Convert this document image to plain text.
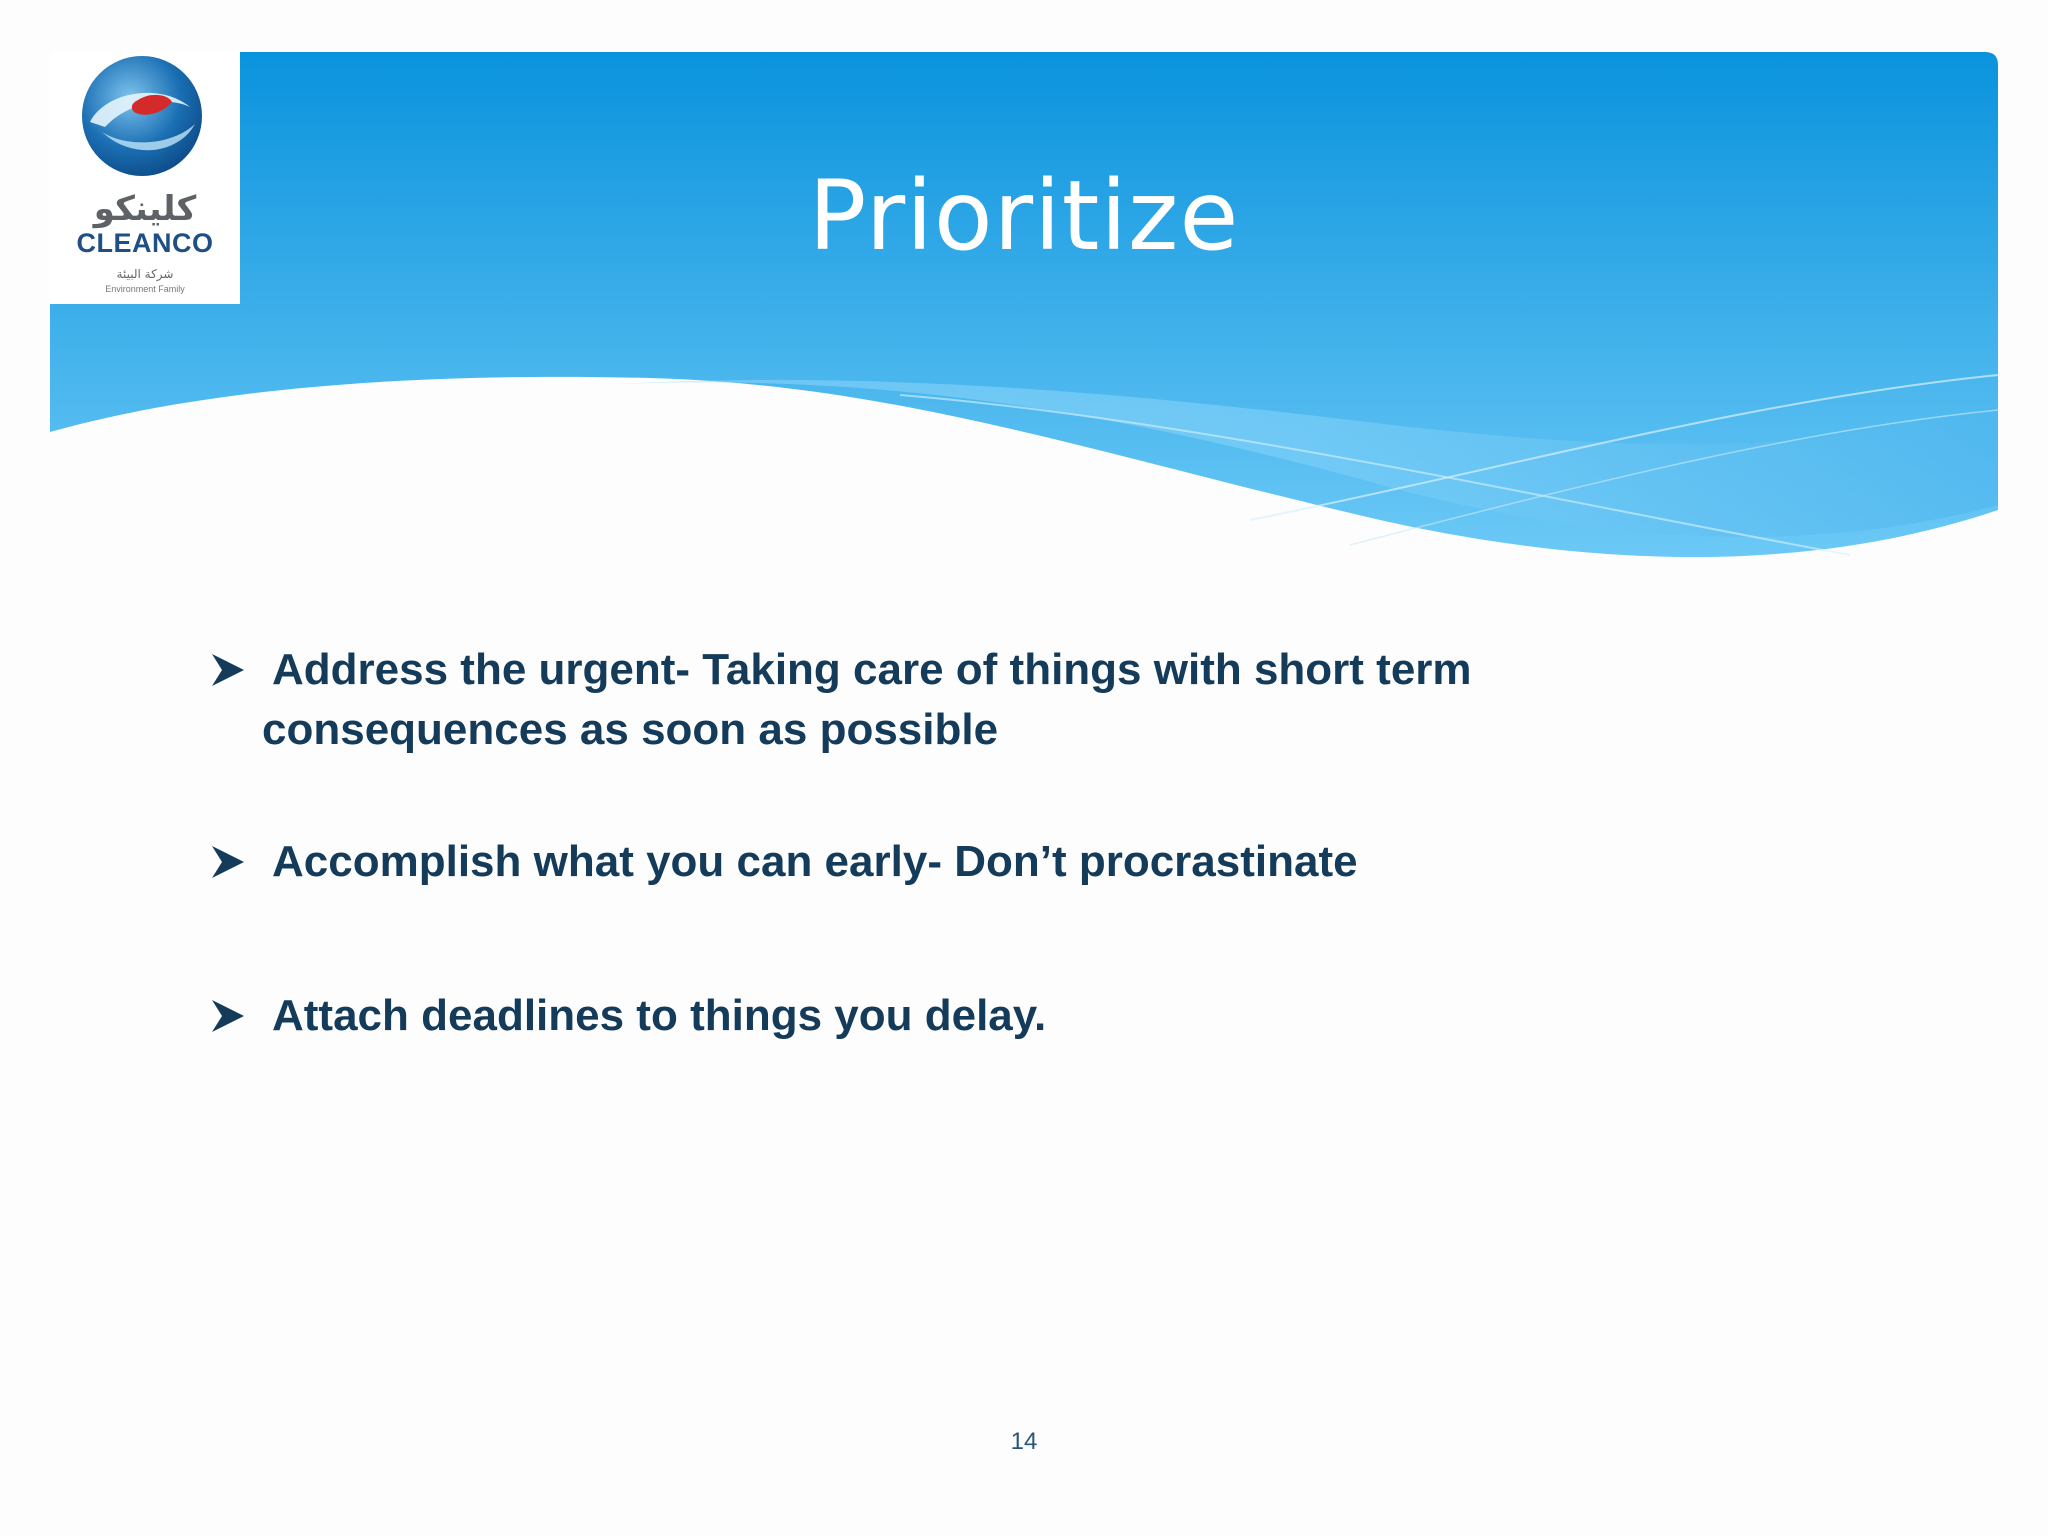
كلينكو
CLEANCO
شركة البيئة
Environment Family
Prioritize
Address the urgent- Taking care of things with short term consequences as soon as possible
Accomplish what you can early- Don’t procrastinate
Attach deadlines to things you delay.
14
